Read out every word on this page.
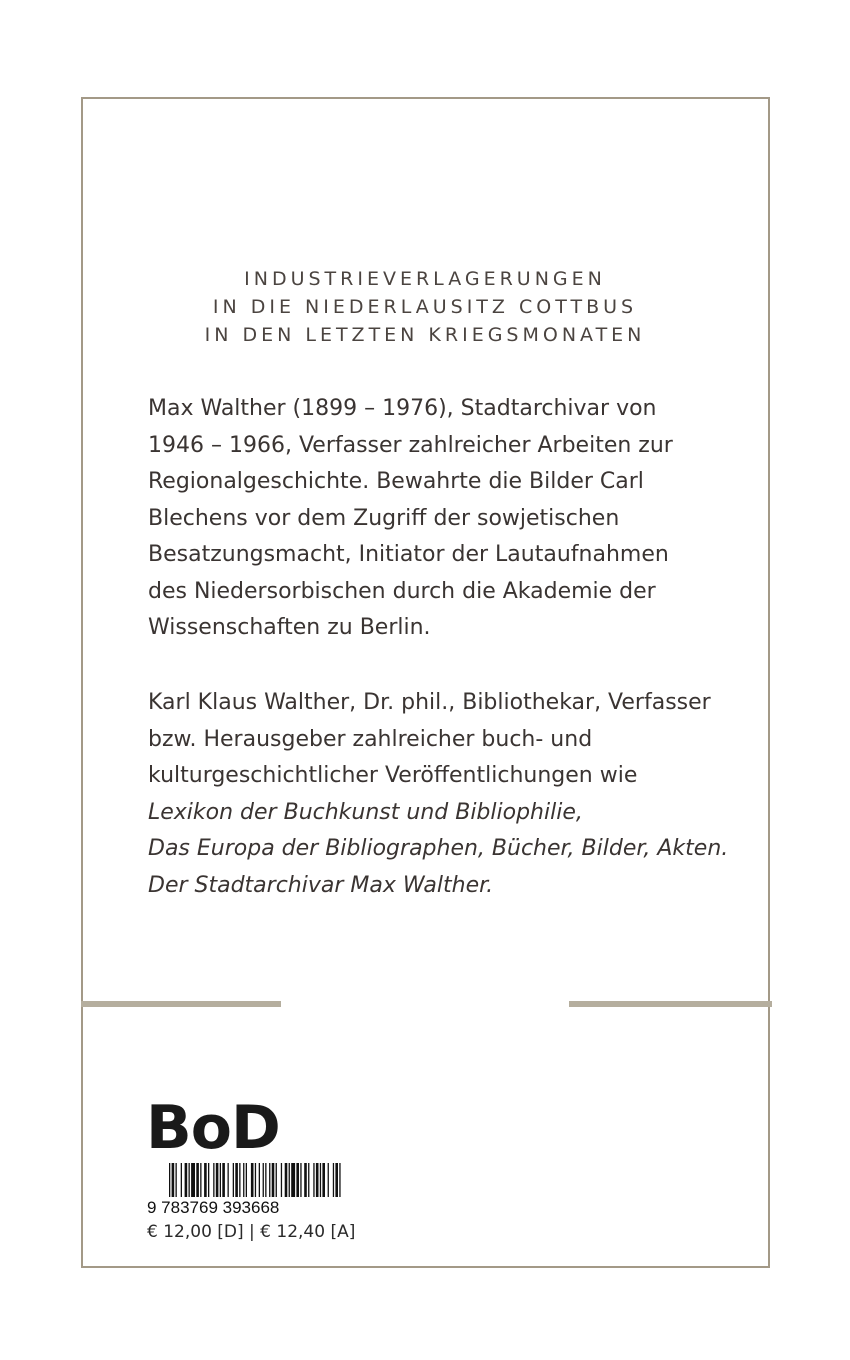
INDUSTRIEVERLAGERUNGEN
IN DIE NIEDERLAUSITZ COTTBUS
IN DEN LETZTEN KRIEGSMONATEN
Max Walther (1899 – 1976), Stadtarchivar von
1946 – 1966, Verfasser zahlreicher Arbeiten zur
Regionalgeschichte. Bewahrte die Bilder Carl
Blechens vor dem Zugriff der sowjetischen
Besatzungsmacht, Initiator der Lautaufnahmen
des Niedersorbischen durch die Akademie der
Wissenschaften zu Berlin.
Karl Klaus Walther, Dr. phil., Bibliothekar, Verfasser
bzw. Herausgeber zahlreicher buch- und
kulturgeschichtlicher Veröffentlichungen wie
Lexikon der Buchkunst und Bibliophilie,
Das Europa der Bibliographen, Bücher, Bilder, Akten.
Der Stadtarchivar Max Walther.
BoD
9 783769 393668
€ 12,00 [D] | € 12,40 [A]
